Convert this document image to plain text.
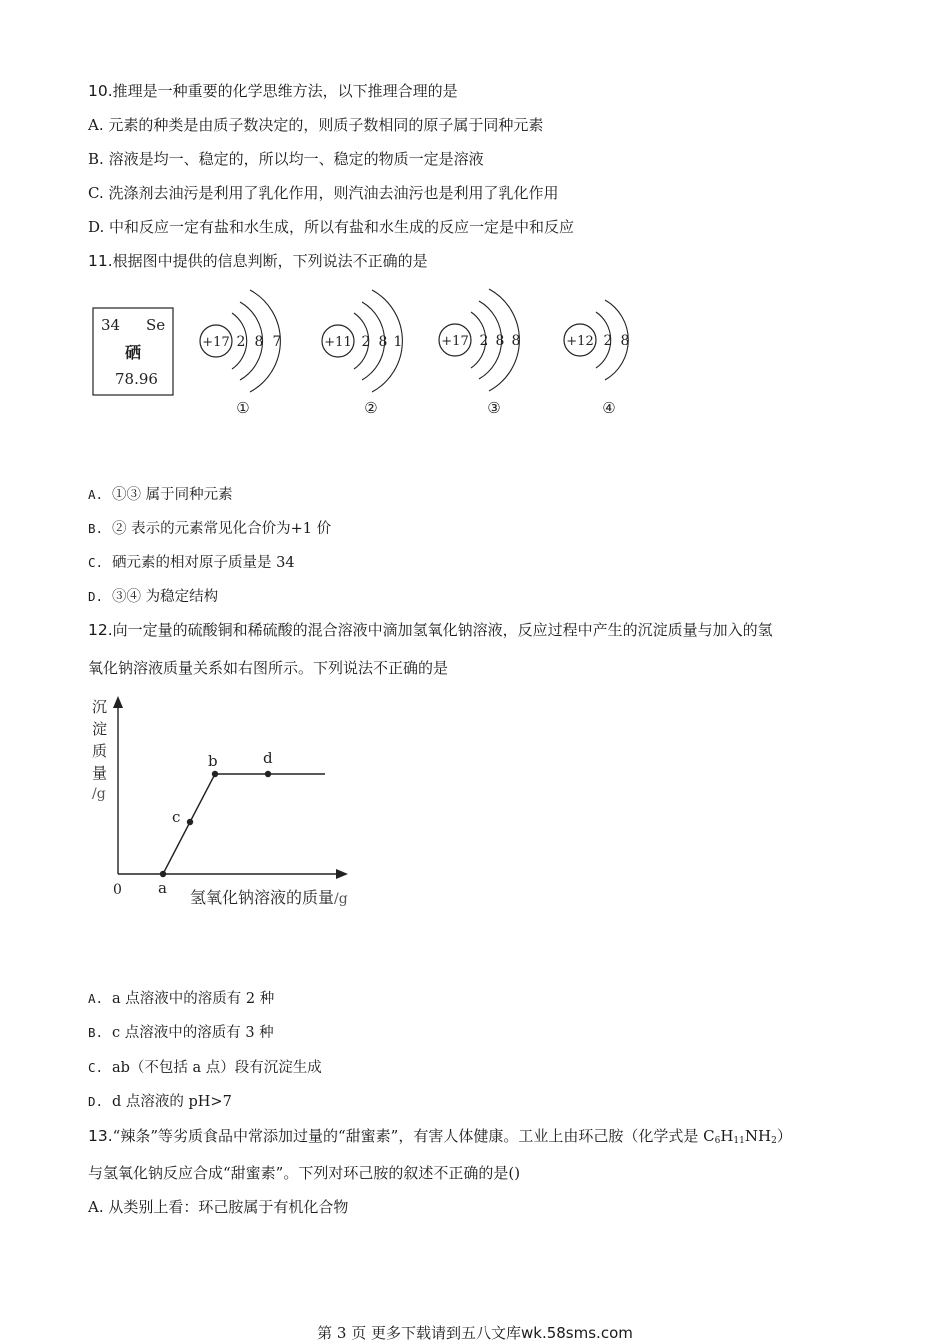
10.推理是一种重要的化学思维方法，以下推理合理的是
A. 元素的种类是由质子数决定的，则质子数相同的原子属于同种元素
B. 溶液是均一、稳定的，所以均一、稳定的物质一定是溶液
C. 洗涤剂去油污是利用了乳化作用，则汽油去油污也是利用了乳化作用
D. 中和反应一定有盐和水生成，所以有盐和水生成的反应一定是中和反应
11.根据图中提供的信息判断，下列说法不正确的是
34 Se
硒
78.96
+17 2 8 7
①
+11 2 8 1
②
+17 2 8 8
③
+12 2 8
④
A. ①③ 属于同种元素
B. ② 表示的元素常见化合价为+1 价
C. 硒元素的相对原子质量是 34
D. ③④ 为稳定结构
12.向一定量的硫酸铜和稀硫酸的混合溶液中滴加氢氧化钠溶液，反应过程中产生的沉淀质量与加入的氢
氧化钠溶液质量关系如右图所示。下列说法不正确的是
沉
淀
质
量
/g
0	氢氧化钠溶液的质量/g
a
c
b	d
A. a 点溶液中的溶质有 2 种
B. c 点溶液中的溶质有 3 种
C. ab（不包括 a 点）段有沉淀生成
D. d 点溶液的 pH>7
13.“辣条”等劣质食品中常添加过量的“甜蜜素”，有害人体健康。工业上由环己胺（化学式是 $C_6H_{11}NH_2$）
与氢氧化钠反应合成“甜蜜素”。下列对环己胺的叙述不正确的是()
A. 从类别上看：环己胺属于有机化合物
第 3 页 更多下载请到五八文库wk.58sms.com
